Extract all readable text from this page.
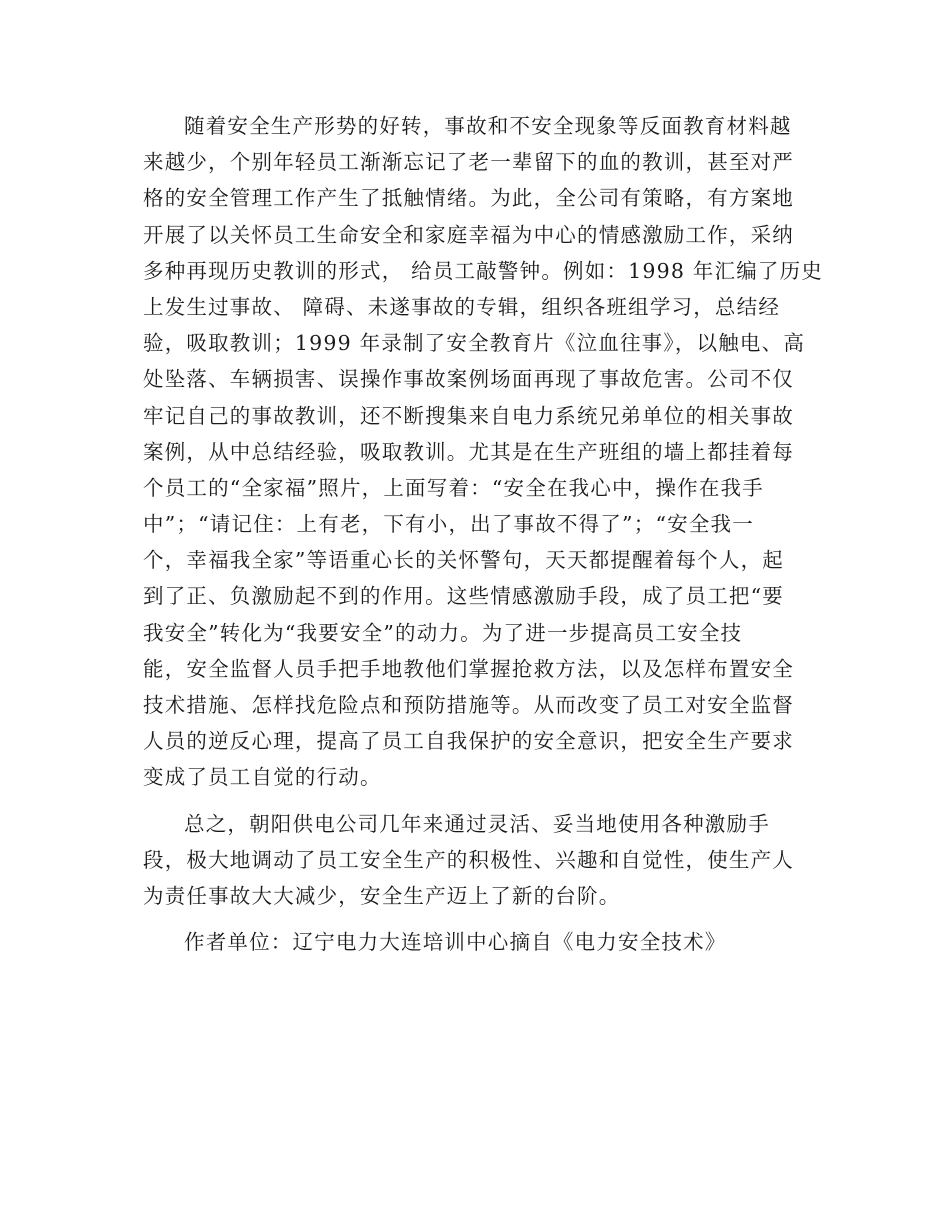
随着安全生产形势的好转，事故和不安全现象等反面教育材料越
来越少，个别年轻员工渐渐忘记了老一辈留下的血的教训，甚至对严
格的安全管理工作产生了抵触情绪。为此，全公司有策略，有方案地
开展了以关怀员工生命安全和家庭幸福为中心的情感激励工作，采纳
多种再现历史教训的形式， 给员工敲警钟。例如：1998 年汇编了历史
上发生过事故、 障碍、未遂事故的专辑，组织各班组学习，总结经
验，吸取教训；1999 年录制了安全教育片《泣血往事》，以触电、高
处坠落、车辆损害、误操作事故案例场面再现了事故危害。公司不仅
牢记自己的事故教训，还不断搜集来自电力系统兄弟单位的相关事故
案例，从中总结经验，吸取教训。尤其是在生产班组的墙上都挂着每
个员工的“全家福”照片，上面写着：“安全在我心中，操作在我手
中”；“请记住：上有老，下有小，出了事故不得了”；“安全我一
个，幸福我全家”等语重心长的关怀警句，天天都提醒着每个人，起
到了正、负激励起不到的作用。这些情感激励手段，成了员工把“要
我安全”转化为“我要安全”的动力。为了进一步提高员工安全技
能，安全监督人员手把手地教他们掌握抢救方法，以及怎样布置安全
技术措施、怎样找危险点和预防措施等。从而改变了员工对安全监督
人员的逆反心理，提高了员工自我保护的安全意识，把安全生产要求
变成了员工自觉的行动。
总之，朝阳供电公司几年来通过灵活、妥当地使用各种激励手
段，极大地调动了员工安全生产的积极性、兴趣和自觉性，使生产人
为责任事故大大减少，安全生产迈上了新的台阶。
作者单位：辽宁电力大连培训中心摘自《电力安全技术》
